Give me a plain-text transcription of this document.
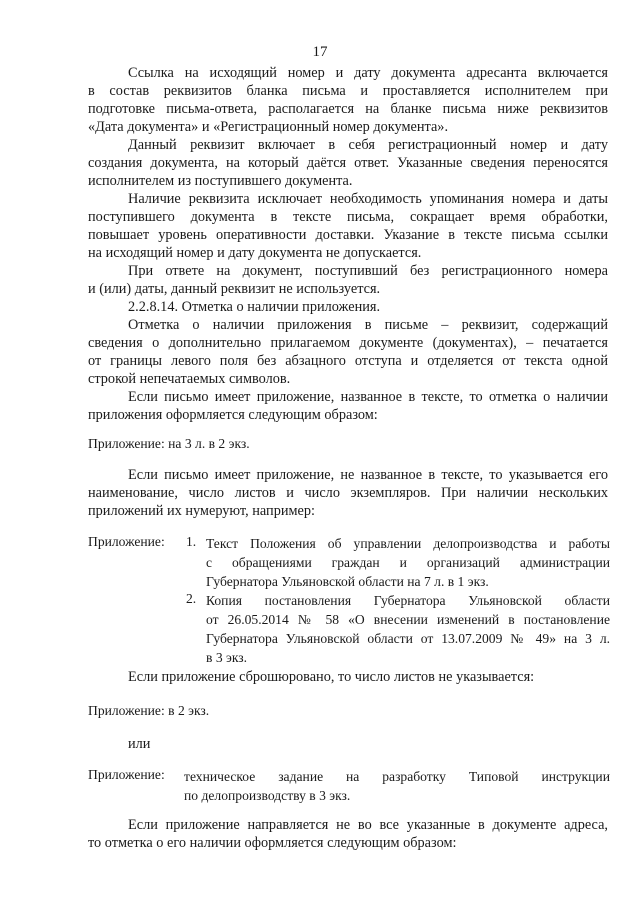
17
Ссылка на исходящий номер и дату документа адресанта включается
в состав реквизитов бланка письма и проставляется исполнителем при
подготовке письма-ответа, располагается на бланке письма ниже реквизитов
«Дата документа» и «Регистрационный номер документа».
Данный реквизит включает в себя регистрационный номер и дату
создания документа, на который даётся ответ. Указанные сведения переносятся
исполнителем из поступившего документа.
Наличие реквизита исключает необходимость упоминания номера и даты
поступившего документа в тексте письма, сокращает время обработки,
повышает уровень оперативности доставки. Указание в тексте письма ссылки
на исходящий номер и дату документа не допускается.
При ответе на документ, поступивший без регистрационного номера
и (или) даты, данный реквизит не используется.
2.2.8.14. Отметка о наличии приложения.
Отметка о наличии приложения в письме – реквизит, содержащий
сведения о дополнительно прилагаемом документе (документах), – печатается
от границы левого поля без абзацного отступа и отделяется от текста одной
строкой непечатаемых символов.
Если письмо имеет приложение, названное в тексте, то отметка о наличии
приложения оформляется следующим образом:
Приложение: на 3 л. в 2 экз.
Если письмо имеет приложение, не названное в тексте, то указывается его
наименование, число листов и число экземпляров. При наличии нескольких
приложений их нумеруют, например:
Приложение: 1. Текст Положения об управлении делопроизводства и работы
с обращениями граждан и организаций администрации
Губернатора Ульяновской области на 7 л. в 1 экз.
2. Копия постановления Губернатора Ульяновской области
от 26.05.2014 № 58 «О внесении изменений в постановление
Губернатора Ульяновской области от 13.07.2009 № 49» на 3 л.
в 3 экз.
Если приложение сброшюровано, то число листов не указывается:
Приложение: в 2 экз.
или
Приложение: техническое задание на разработку Типовой инструкции
по делопроизводству в 3 экз.
Если приложение направляется не во все указанные в документе адреса,
то отметка о его наличии оформляется следующим образом:
